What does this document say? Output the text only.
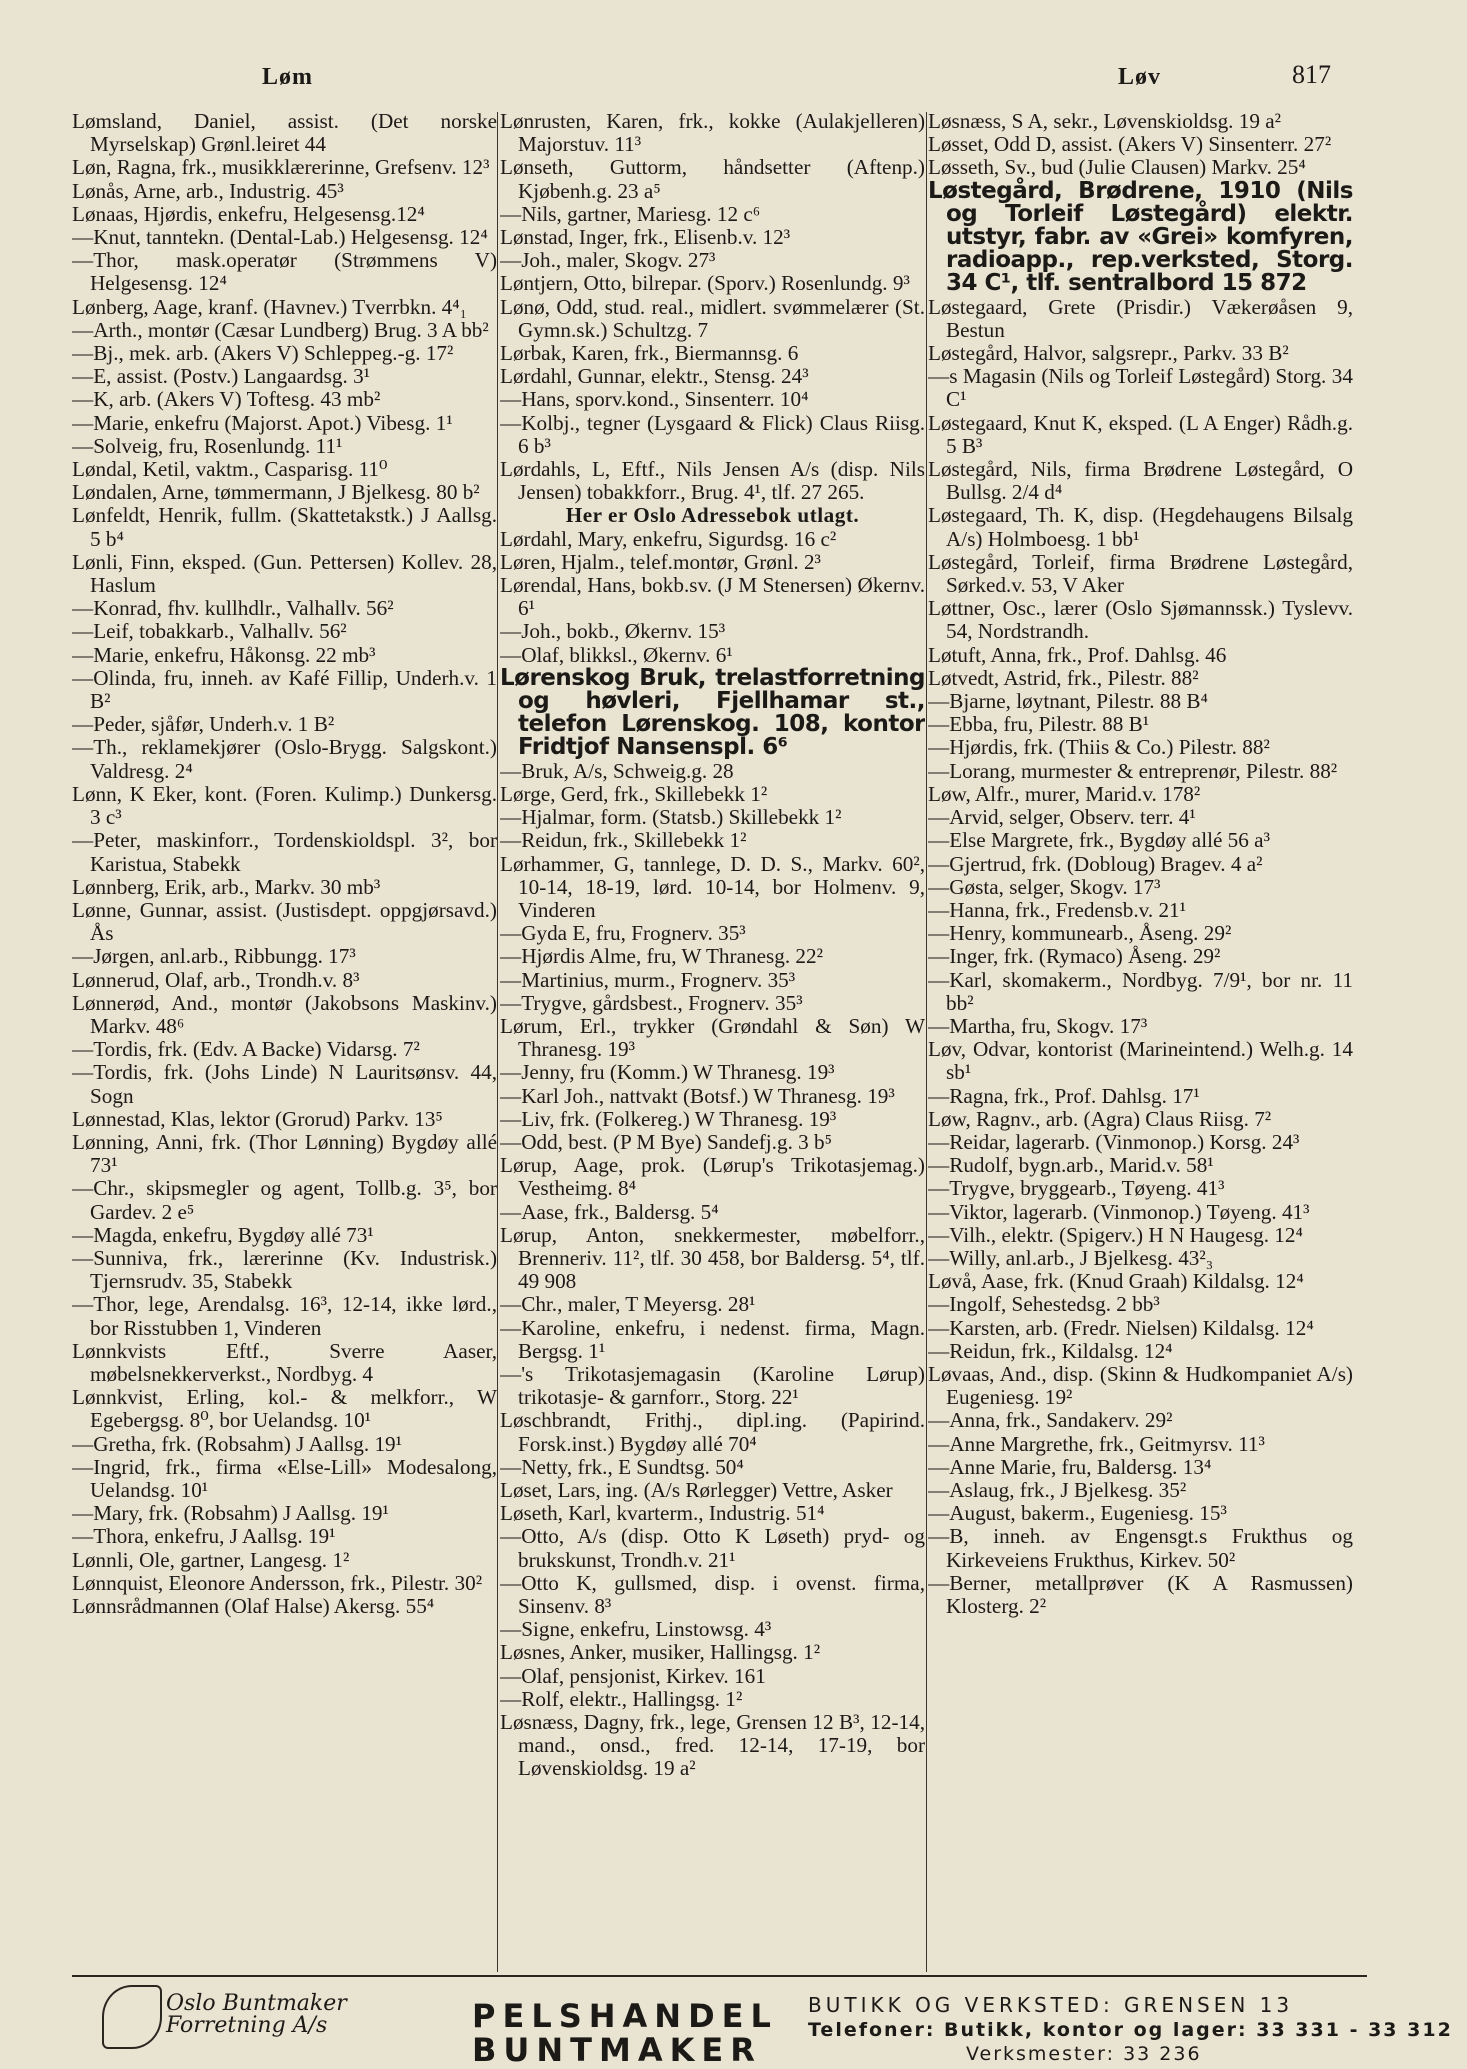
Løm	Løv	817

Lømsland, Daniel, assist. (Det norske Myrselskap) Grønl.leiret 44

Løn, Ragna, frk., musikklærerinne, Grefsenv. 12³

Lønås, Arne, arb., Industrig. 45³

Lønaas, Hjørdis, enkefru, Helgesensg.12⁴

—Knut, tanntekn. (Dental-Lab.) Helgesensg. 12⁴

—Thor, mask.operatør (Strømmens V) Helgesensg. 12⁴

Lønberg, Aage, kranf. (Havnev.) Tverrbkn. 4⁴₁

—Arth., montør (Cæsar Lundberg) Brug. 3 A bb²

—Bj., mek. arb. (Akers V) Schleppeg.-g. 17²

—E, assist. (Postv.) Langaardsg. 3¹

—K, arb. (Akers V) Toftesg. 43 mb²

—Marie, enkefru (Majorst. Apot.) Vibesg. 1¹

—Solveig, fru, Rosenlundg. 11¹

Løndal, Ketil, vaktm., Casparisg. 11⁰

Løndalen, Arne, tømmermann, J Bjelkesg. 80 b²

Lønfeldt, Henrik, fullm. (Skattetakstk.) J Aallsg. 5 b⁴

Lønli, Finn, eksped. (Gun. Pettersen) Kollev. 28, Haslum

—Konrad, fhv. kullhdlr., Valhallv. 56²

—Leif, tobakkarb., Valhallv. 56²

—Marie, enkefru, Håkonsg. 22 mb³

—Olinda, fru, inneh. av Kafé Fillip, Underh.v. 1 B²

—Peder, sjåfør, Underh.v. 1 B²

—Th., reklamekjører (Oslo-Brygg. Salgskont.) Valdresg. 2⁴

Lønn, K Eker, kont. (Foren. Kulimp.) Dunkersg. 3 c³

—Peter, maskinforr., Tordenskioldspl. 3², bor Karistua, Stabekk

Lønnberg, Erik, arb., Markv. 30 mb³

Lønne, Gunnar, assist. (Justisdept. oppgjørsavd.) Ås

—Jørgen, anl.arb., Ribbungg. 17³

Lønnerud, Olaf, arb., Trondh.v. 8³

Lønnerød, And., montør (Jakobsons Maskinv.) Markv. 48⁶

—Tordis, frk. (Edv. A Backe) Vidarsg. 7²

—Tordis, frk. (Johs Linde) N Lauritsønsv. 44, Sogn

Lønnestad, Klas, lektor (Grorud) Parkv. 13⁵

Lønning, Anni, frk. (Thor Lønning) Bygdøy allé 73¹

—Chr., skipsmegler og agent, Tollb.g. 3⁵, bor Gardev. 2 e⁵

—Magda, enkefru, Bygdøy allé 73¹

—Sunniva, frk., lærerinne (Kv. Industrisk.) Tjernsrudv. 35, Stabekk

—Thor, lege, Arendalsg. 16³, 12-14, ikke lørd., bor Risstubben 1, Vinderen

Lønnkvists Eftf., Sverre Aaser, møbelsnekkerverkst., Nordbyg. 4

Lønnkvist, Erling, kol.- & melkforr., W Egebergsg. 8⁰, bor Uelandsg. 10¹

—Gretha, frk. (Robsahm) J Aallsg. 19¹

—Ingrid, frk., firma «Else-Lill» Modesalong, Uelandsg. 10¹

—Mary, frk. (Robsahm) J Aallsg. 19¹

—Thora, enkefru, J Aallsg. 19¹

Lønnli, Ole, gartner, Langesg. 1²

Lønnquist, Eleonore Andersson, frk., Pilestr. 30²

Lønnsrådmannen (Olaf Halse) Akersg. 55⁴

Lønrusten, Karen, frk., kokke (Aulakjelleren) Majorstuv. 11³

Lønseth, Guttorm, håndsetter (Aftenp.) Kjøbenh.g. 23 a⁵

—Nils, gartner, Mariesg. 12 c⁶

Lønstad, Inger, frk., Elisenb.v. 12³

—Joh., maler, Skogv. 27³

Løntjern, Otto, bilrepar. (Sporv.) Rosenlundg. 9³

Lønø, Odd, stud. real., midlert. svømmelærer (St. Gymn.sk.) Schultzg. 7

Lørbak, Karen, frk., Biermannsg. 6

Lørdahl, Gunnar, elektr., Stensg. 24³

—Hans, sporv.kond., Sinsenterr. 10⁴

—Kolbj., tegner (Lysgaard & Flick) Claus Riisg. 6 b³

Lørdahls, L, Eftf., Nils Jensen A/s (disp. Nils Jensen) tobakkforr., Brug. 4¹, tlf. 27 265.

Her er Oslo Adressebok utlagt.

Lørdahl, Mary, enkefru, Sigurdsg. 16 c²

Løren, Hjalm., telef.montør, Grønl. 2³

Lørendal, Hans, bokb.sv. (J M Stenersen) Økernv. 6¹

—Joh., bokb., Økernv. 15³

—Olaf, blikksl., Økernv. 6¹

Lørenskog Bruk, trelastforretning og høvleri, Fjellhamar st., telefon Lørenskog. 108, kontor Fridtjof Nansenspl. 6⁶

—Bruk, A/s, Schweig.g. 28

Lørge, Gerd, frk., Skillebekk 1²

—Hjalmar, form. (Statsb.) Skillebekk 1²

—Reidun, frk., Skillebekk 1²

Lørhammer, G, tannlege, D. D. S., Markv. 60², 10-14, 18-19, lørd. 10-14, bor Holmenv. 9, Vinderen

—Gyda E, fru, Frognerv. 35³

—Hjørdis Alme, fru, W Thranesg. 22²

—Martinius, murm., Frognerv. 35³

—Trygve, gårdsbest., Frognerv. 35³

Lørum, Erl., trykker (Grøndahl & Søn) W Thranesg. 19³

—Jenny, fru (Komm.) W Thranesg. 19³

—Karl Joh., nattvakt (Botsf.) W Thranesg. 19³

—Liv, frk. (Folkereg.) W Thranesg. 19³

—Odd, best. (P M Bye) Sandefj.g. 3 b⁵

Lørup, Aage, prok. (Lørup's Trikotasjemag.) Vestheimg. 8⁴

—Aase, frk., Baldersg. 5⁴

Lørup, Anton, snekkermester, møbelforr., Brenneriv. 11², tlf. 30 458, bor Baldersg. 5⁴, tlf. 49 908

—Chr., maler, T Meyersg. 28¹

—Karoline, enkefru, i nedenst. firma, Magn. Bergsg. 1¹

—'s Trikotasjemagasin (Karoline Lørup) trikotasje- & garnforr., Storg. 22¹

Løschbrandt, Frithj., dipl.ing. (Papirind. Forsk.inst.) Bygdøy allé 70⁴

—Netty, frk., E Sundtsg. 50⁴

Løset, Lars, ing. (A/s Rørlegger) Vettre, Asker

Løseth, Karl, kvarterm., Industrig. 51⁴

—Otto, A/s (disp. Otto K Løseth) pryd- og brukskunst, Trondh.v. 21¹

—Otto K, gullsmed, disp. i ovenst. firma, Sinsenv. 8³

—Signe, enkefru, Linstowsg. 4³

Løsnes, Anker, musiker, Hallingsg. 1²

—Olaf, pensjonist, Kirkev. 161

—Rolf, elektr., Hallingsg. 1²

Løsnæss, Dagny, frk., lege, Grensen 12 B³, 12-14, mand., onsd., fred. 12-14, 17-19, bor Løvenskioldsg. 19 a²

Løsnæss, S A, sekr., Løvenskioldsg. 19 a²

Løsset, Odd D, assist. (Akers V) Sinsenterr. 27²

Løsseth, Sv., bud (Julie Clausen) Markv. 25⁴

Løstegård, Brødrene, 1910 (Nils og Torleif Løstegård) elektr. utstyr, fabr. av «Grei» komfyren, radioapp., rep.verksted, Storg. 34 C¹, tlf. sentralbord 15 872

Løstegaard, Grete (Prisdir.) Vækerøåsen 9, Bestun

Løstegård, Halvor, salgsrepr., Parkv. 33 B²

—s Magasin (Nils og Torleif Løstegård) Storg. 34 C¹

Løstegaard, Knut K, eksped. (L A Enger) Rådh.g. 5 B³

Løstegård, Nils, firma Brødrene Løstegård, O Bullsg. 2/4 d⁴

Løstegaard, Th. K, disp. (Hegdehaugens Bilsalg A/s) Holmboesg. 1 bb¹

Løstegård, Torleif, firma Brødrene Løstegård, Sørked.v. 53, V Aker

Løttner, Osc., lærer (Oslo Sjømannssk.) Tyslevv. 54, Nordstrandh.

Løtuft, Anna, frk., Prof. Dahlsg. 46

Løtvedt, Astrid, frk., Pilestr. 88²

—Bjarne, løytnant, Pilestr. 88 B⁴

—Ebba, fru, Pilestr. 88 B¹

—Hjørdis, frk. (Thiis & Co.) Pilestr. 88²

—Lorang, murmester & entreprenør, Pilestr. 88²

Løw, Alfr., murer, Marid.v. 178²

—Arvid, selger, Observ. terr. 4¹

—Else Margrete, frk., Bygdøy allé 56 a³

—Gjertrud, frk. (Dobloug) Bragev. 4 a²

—Gøsta, selger, Skogv. 17³

—Hanna, frk., Fredensb.v. 21¹

—Henry, kommunearb., Åseng. 29²

—Inger, frk. (Rymaco) Åseng. 29²

—Karl, skomakerm., Nordbyg. 7/9¹, bor nr. 11 bb²

—Martha, fru, Skogv. 17³

Løv, Odvar, kontorist (Marineintend.) Welh.g. 14 sb¹

—Ragna, frk., Prof. Dahlsg. 17¹

Løw, Ragnv., arb. (Agra) Claus Riisg. 7²

—Reidar, lagerarb. (Vinmonop.) Korsg. 24³

—Rudolf, bygn.arb., Marid.v. 58¹

—Trygve, bryggearb., Tøyeng. 41³

—Viktor, lagerarb. (Vinmonop.) Tøyeng. 41³

—Vilh., elektr. (Spigerv.) H N Haugesg. 12⁴

—Willy, anl.arb., J Bjelkesg. 43²₃

Løvå, Aase, frk. (Knud Graah) Kildalsg. 12⁴

—Ingolf, Sehestedsg. 2 bb³

—Karsten, arb. (Fredr. Nielsen) Kildalsg. 12⁴

—Reidun, frk., Kildalsg. 12⁴

Løvaas, And., disp. (Skinn & Hudkompaniet A/s) Eugeniesg. 19²

—Anna, frk., Sandakerv. 29²

—Anne Margrethe, frk., Geitmyrsv. 11³

—Anne Marie, fru, Baldersg. 13⁴

—Aslaug, frk., J Bjelkesg. 35²

—August, bakerm., Eugeniesg. 15³

—B, inneh. av Engensgt.s Frukthus og Kirkeveiens Frukthus, Kirkev. 50²

—Berner, metallprøver (K A Rasmussen) Klosterg. 2²

Oslo Buntmaker
Forretning A/s	PELSHANDEL
BUNTMAKER
BUTIKK OG VERKSTED: GRENSEN 13
Telefoner: Butikk, kontor og lager: 33 331 - 33 312
Verksmester: 33 236
